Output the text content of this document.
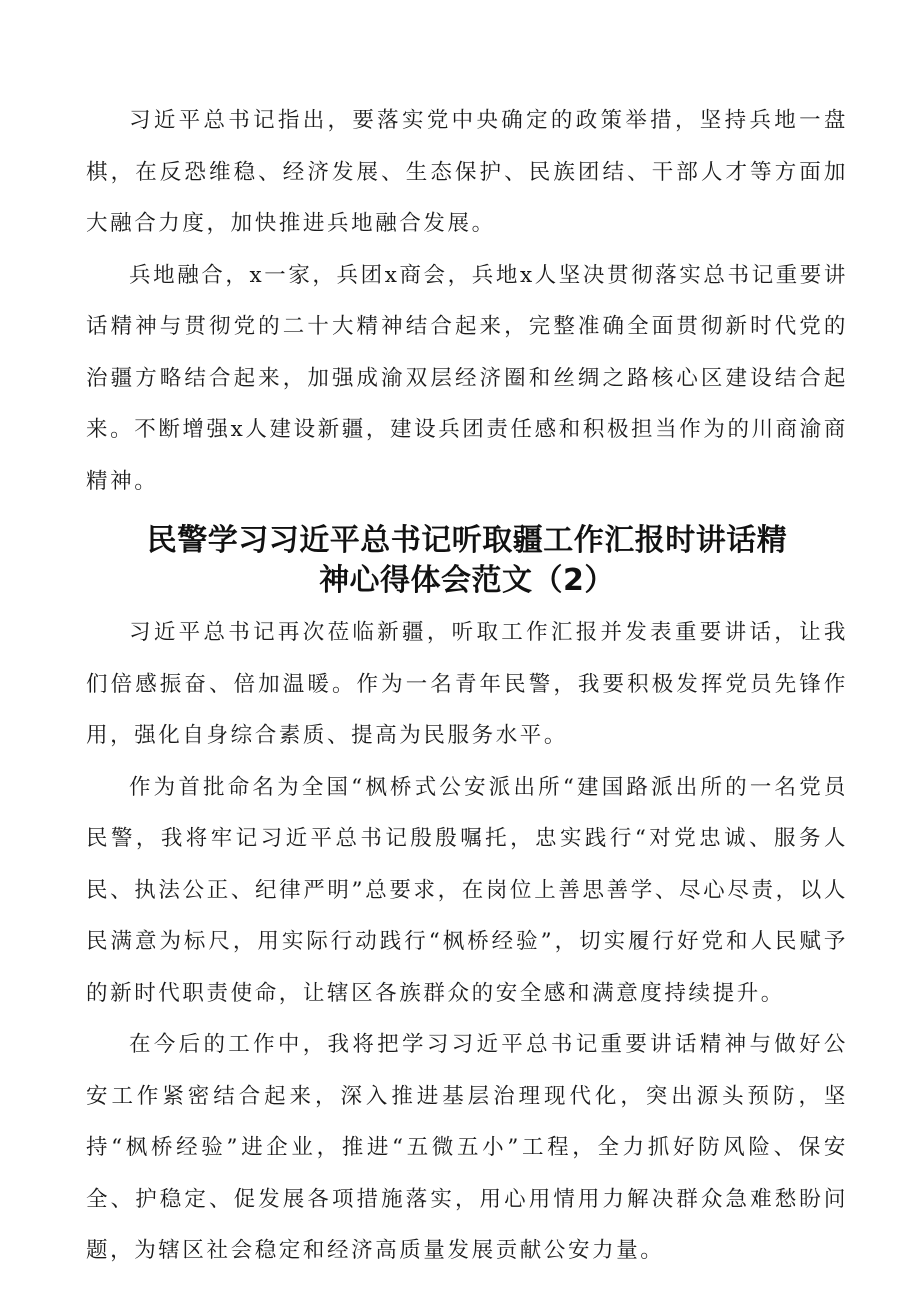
习近平总书记指出，要落实党中央确定的政策举措，坚持兵地一盘棋，在反恐维稳、经济发展、生态保护、民族团结、干部人才等方面加大融合力度，加快推进兵地融合发展。

兵地融合，x一家，兵团x商会，兵地x人坚决贯彻落实总书记重要讲话精神与贯彻党的二十大精神结合起来，完整准确全面贯彻新时代党的治疆方略结合起来，加强成渝双层经济圈和丝绸之路核心区建设结合起来。不断增强x人建设新疆，建设兵团责任感和积极担当作为的川商渝商精神。

民警学习习近平总书记听取疆工作汇报时讲话精
神心得体会范文（2）

习近平总书记再次莅临新疆，听取工作汇报并发表重要讲话，让我们倍感振奋、倍加温暖。作为一名青年民警，我要积极发挥党员先锋作用，强化自身综合素质、提高为民服务水平。

作为首批命名为全国“枫桥式公安派出所“建国路派出所的一名党员民警，我将牢记习近平总书记殷殷嘱托，忠实践行“对党忠诚、服务人民、执法公正、纪律严明”总要求，在岗位上善思善学、尽心尽责，以人民满意为标尺，用实际行动践行“枫桥经验”，切实履行好党和人民赋予的新时代职责使命，让辖区各族群众的安全感和满意度持续提升。

在今后的工作中，我将把学习习近平总书记重要讲话精神与做好公安工作紧密结合起来，深入推进基层治理现代化，突出源头预防，坚持“枫桥经验”进企业，推进“五微五小”工程，全力抓好防风险、保安全、护稳定、促发展各项措施落实，用心用情用力解决群众急难愁盼问题，为辖区社会稳定和经济高质量发展贡献公安力量。
